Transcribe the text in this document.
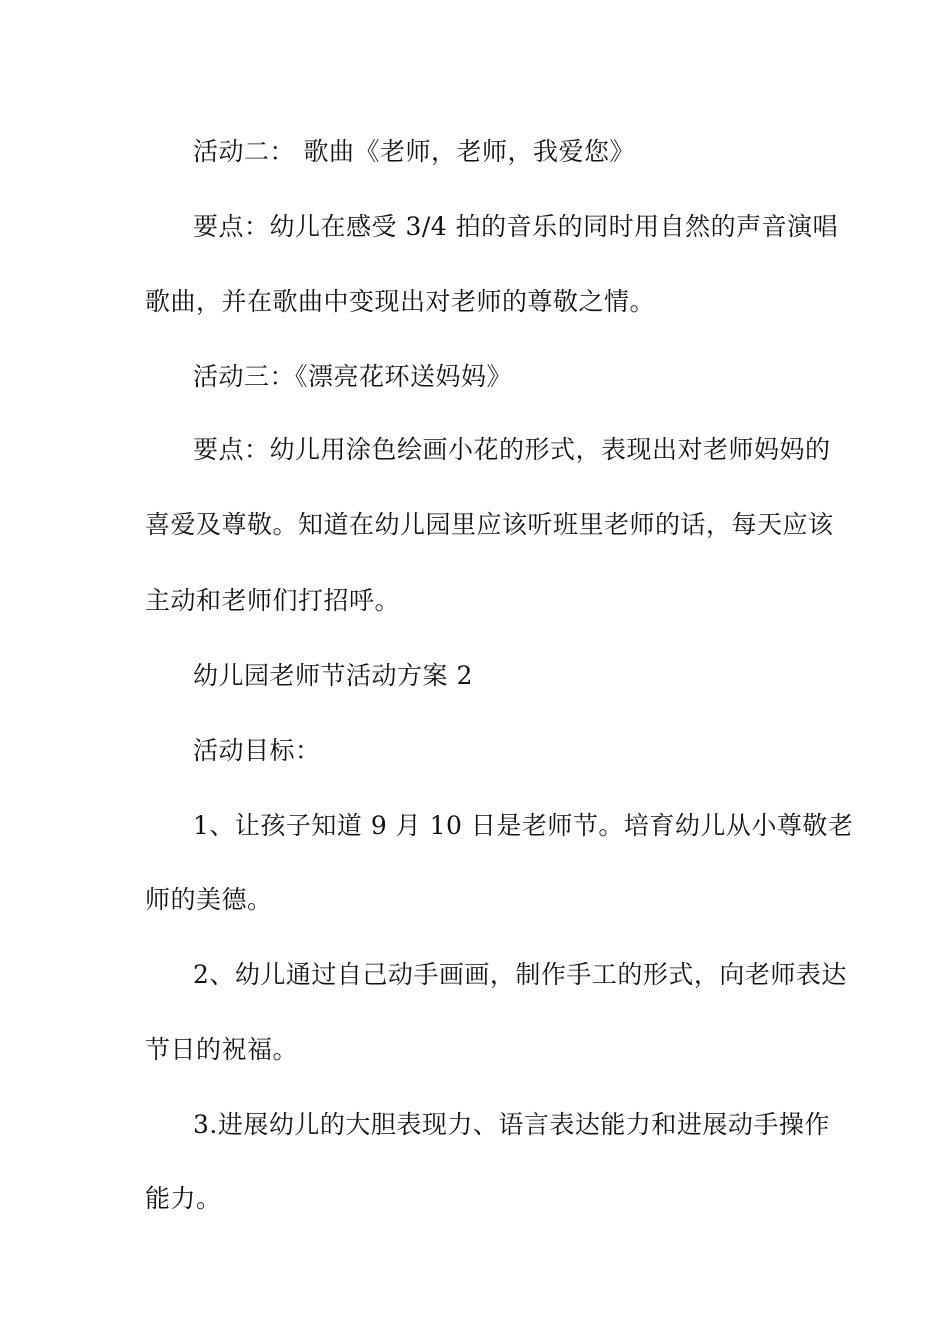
活动二： 歌曲《老师，老师，我爱您》
要点：幼儿在感受 3/4 拍的音乐的同时用自然的声音演唱
歌曲，并在歌曲中变现出对老师的尊敬之情。
活动三：《漂亮花环送妈妈》
要点：幼儿用涂色绘画小花的形式，表现出对老师妈妈的
喜爱及尊敬。知道在幼儿园里应该听班里老师的话，每天应该
主动和老师们打招呼。
幼儿园老师节活动方案 2
活动目标：
1、让孩子知道 9 月 10 日是老师节。培育幼儿从小尊敬老
师的美德。
2、幼儿通过自己动手画画，制作手工的形式，向老师表达
节日的祝福。
3.进展幼儿的大胆表现力、语言表达能力和进展动手操作
能力。
